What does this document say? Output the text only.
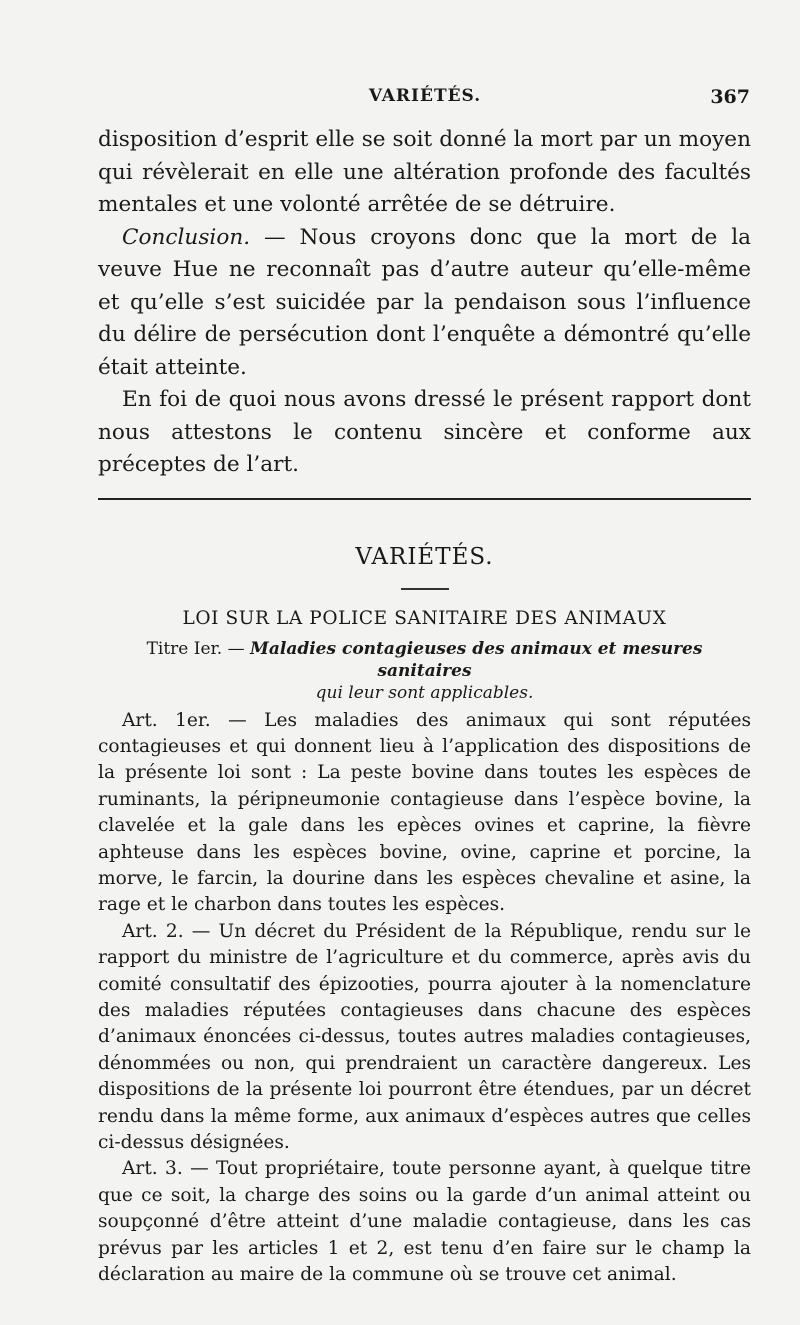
VARIÉTÉS.	367

disposition d’esprit elle se soit donné la mort par un moyen qui révèlerait en elle une altération profonde des facultés mentales et une volonté arrêtée de se détruire.

Conclusion. — Nous croyons donc que la mort de la veuve Hue ne reconnaît pas d’autre auteur qu’elle-même et qu’elle s’est suicidée par la pendaison sous l’influence du délire de persécution dont l’enquête a démontré qu’elle était atteinte.

En foi de quoi nous avons dressé le présent rapport dont nous attestons le contenu sincère et conforme aux préceptes de l’art.

VARIÉTÉS.
LOI SUR LA POLICE SANITAIRE DES ANIMAUX
Titre Ier. — Maladies contagieuses des animaux et mesures sanitaires
qui leur sont applicables.

Art. 1er. — Les maladies des animaux qui sont réputées contagieuses et qui donnent lieu à l’application des dispositions de la présente loi sont : La peste bovine dans toutes les espèces de ruminants, la péripneumonie contagieuse dans l’espèce bovine, la clavelée et la gale dans les epèces ovines et caprine, la fièvre aphteuse dans les espèces bovine, ovine, caprine et porcine, la morve, le farcin, la dourine dans les espèces chevaline et asine, la rage et le charbon dans toutes les espèces.

Art. 2. — Un décret du Président de la République, rendu sur le rapport du ministre de l’agriculture et du commerce, après avis du comité consultatif des épizooties, pourra ajouter à la nomenclature des maladies réputées contagieuses dans chacune des espèces d’animaux énoncées ci-dessus, toutes autres maladies contagieuses, dénommées ou non, qui prendraient un caractère dangereux. Les dispositions de la présente loi pourront être étendues, par un décret rendu dans la même forme, aux animaux d’espèces autres que celles ci-dessus désignées.

Art. 3. — Tout propriétaire, toute personne ayant, à quelque titre que ce soit, la charge des soins ou la garde d’un animal atteint ou soupçonné d’être atteint d’une maladie contagieuse, dans les cas prévus par les articles 1 et 2, est tenu d’en faire sur le champ la déclaration au maire de la commune où se trouve cet animal.
